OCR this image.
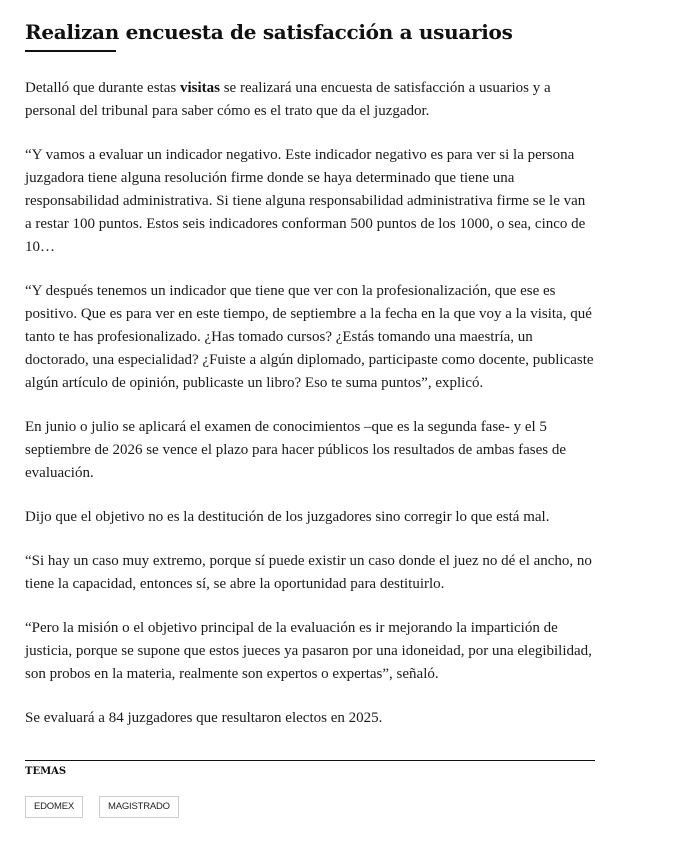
Realizan encuesta de satisfacción a usuarios

Detalló que durante estas visitas se realizará una encuesta de satisfacción a usuarios y a personal del tribunal para saber cómo es el trato que da el juzgador.

“Y vamos a evaluar un indicador negativo. Este indicador negativo es para ver si la persona juzgadora tiene alguna resolución firme donde se haya determinado que tiene una responsabilidad administrativa. Si tiene alguna responsabilidad administrativa firme se le van a restar 100 puntos. Estos seis indicadores conforman 500 puntos de los 1000, o sea, cinco de 10…

“Y después tenemos un indicador que tiene que ver con la profesionalización, que ese es positivo. Que es para ver en este tiempo, de septiembre a la fecha en la que voy a la visita, qué tanto te has profesionalizado. ¿Has tomado cursos? ¿Estás tomando una maestría, un doctorado, una especialidad? ¿Fuiste a algún diplomado, participaste como docente, publicaste algún artículo de opinión, publicaste un libro? Eso te suma puntos”, explicó.

En junio o julio se aplicará el examen de conocimientos –que es la segunda fase- y el 5 septiembre de 2026 se vence el plazo para hacer públicos los resultados de ambas fases de evaluación.

Dijo que el objetivo no es la destitución de los juzgadores sino corregir lo que está mal.

“Si hay un caso muy extremo, porque sí puede existir un caso donde el juez no dé el ancho, no tiene la capacidad, entonces sí, se abre la oportunidad para destituirlo.

“Pero la misión o el objetivo principal de la evaluación es ir mejorando la impartición de justicia, porque se supone que estos jueces ya pasaron por una idoneidad, por una elegibilidad, son probos en la materia, realmente son expertos o expertas”, señaló.

Se evaluará a 84 juzgadores que resultaron electos en 2025.

TEMAS
EDOMEX	MAGISTRADO
